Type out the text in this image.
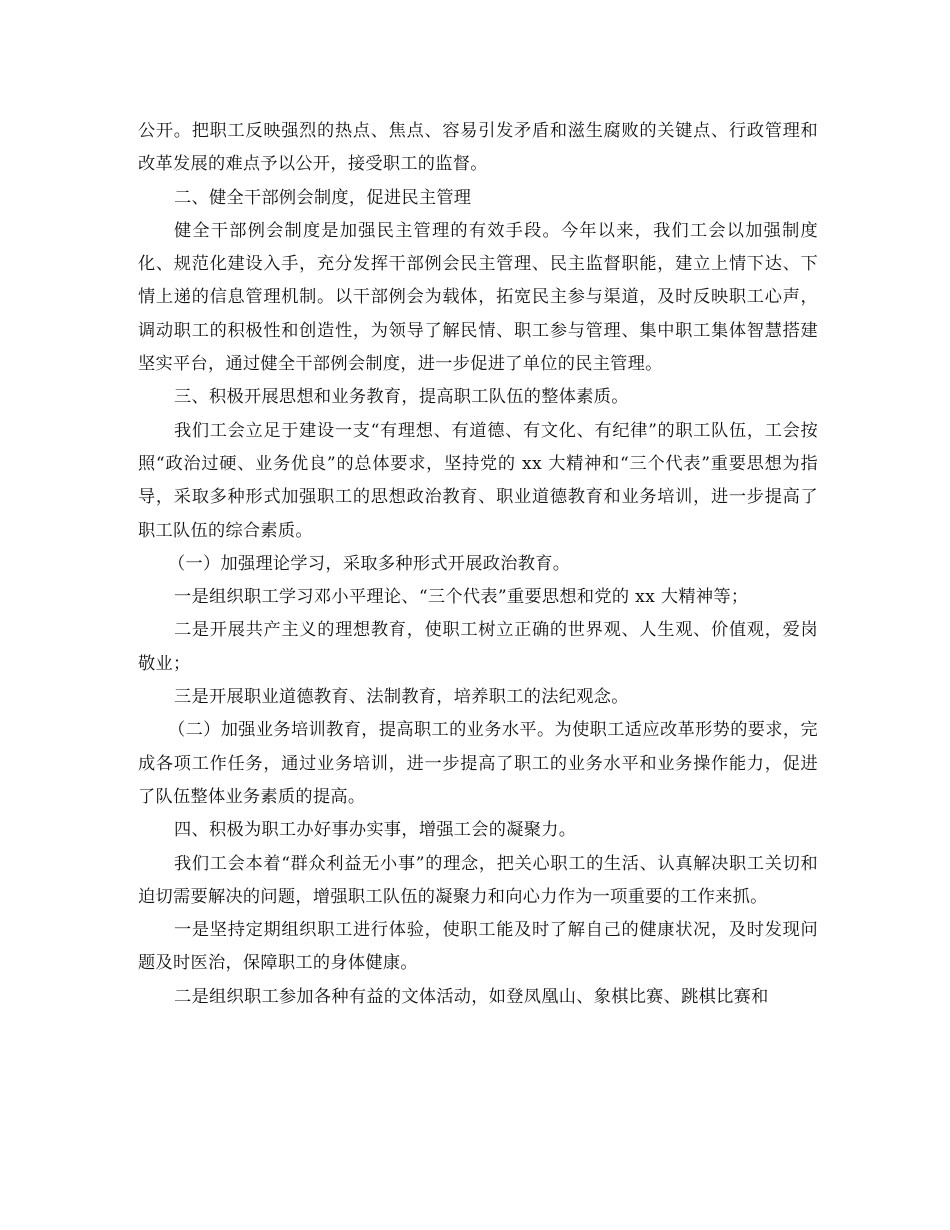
公开。把职工反映强烈的热点、焦点、容易引发矛盾和滋生腐败的关键点、行政管理和改革发展的难点予以公开，接受职工的监督。

二、健全干部例会制度，促进民主管理

健全干部例会制度是加强民主管理的有效手段。今年以来，我们工会以加强制度化、规范化建设入手，充分发挥干部例会民主管理、民主监督职能，建立上情下达、下情上递的信息管理机制。以干部例会为载体，拓宽民主参与渠道，及时反映职工心声，调动职工的积极性和创造性，为领导了解民情、职工参与管理、集中职工集体智慧搭建坚实平台，通过健全干部例会制度，进一步促进了单位的民主管理。

三、积极开展思想和业务教育，提高职工队伍的整体素质。

我们工会立足于建设一支“有理想、有道德、有文化、有纪律”的职工队伍，工会按照“政治过硬、业务优良”的总体要求，坚持党的 xx 大精神和“三个代表”重要思想为指导，采取多种形式加强职工的思想政治教育、职业道德教育和业务培训，进一步提高了职工队伍的综合素质。

（一）加强理论学习，采取多种形式开展政治教育。

一是组织职工学习邓小平理论、“三个代表”重要思想和党的 xx 大精神等；

二是开展共产主义的理想教育，使职工树立正确的世界观、人生观、价值观，爱岗敬业；

三是开展职业道德教育、法制教育，培养职工的法纪观念。

（二）加强业务培训教育，提高职工的业务水平。为使职工适应改革形势的要求，完成各项工作任务，通过业务培训，进一步提高了职工的业务水平和业务操作能力，促进了队伍整体业务素质的提高。

四、积极为职工办好事办实事，增强工会的凝聚力。

我们工会本着“群众利益无小事”的理念，把关心职工的生活、认真解决职工关切和迫切需要解决的问题，增强职工队伍的凝聚力和向心力作为一项重要的工作来抓。

一是坚持定期组织职工进行体验，使职工能及时了解自己的健康状况，及时发现问题及时医治，保障职工的身体健康。

二是组织职工参加各种有益的文体活动，如登凤凰山、象棋比赛、跳棋比赛和
